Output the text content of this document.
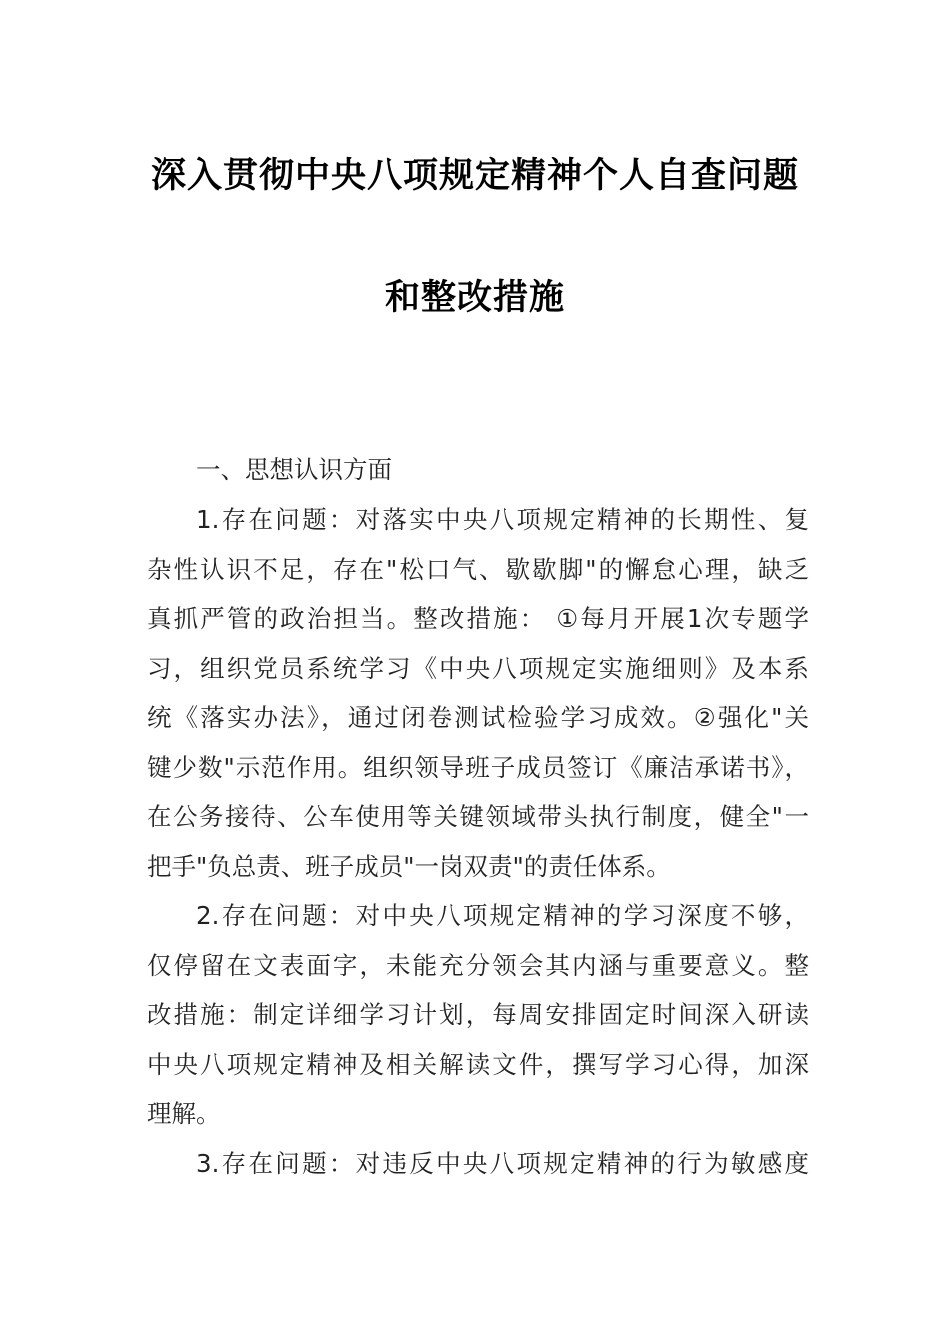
深入贯彻中央八项规定精神个人自查问题
和整改措施
一、思想认识方面
1.存在问题：对落实中央八项规定精神的长期性、复
杂性认识不足，存在"松口气、歇歇脚"的懈怠心理，缺乏
真抓严管的政治担当。整改措施： ①每月开展1次专题学
习，组织党员系统学习《中央八项规定实施细则》及本系
统《落实办法》，通过闭卷测试检验学习成效。②强化"关
键少数"示范作用。组织领导班子成员签订《廉洁承诺书》，
在公务接待、公车使用等关键领域带头执行制度，健全"一
把手"负总责、班子成员"一岗双责"的责任体系。
2.存在问题：对中央八项规定精神的学习深度不够，
仅停留在文表面字，未能充分领会其内涵与重要意义。整
改措施：制定详细学习计划，每周安排固定时间深入研读
中央八项规定精神及相关解读文件，撰写学习心得，加深
理解。
3.存在问题：对违反中央八项规定精神的行为敏感度
